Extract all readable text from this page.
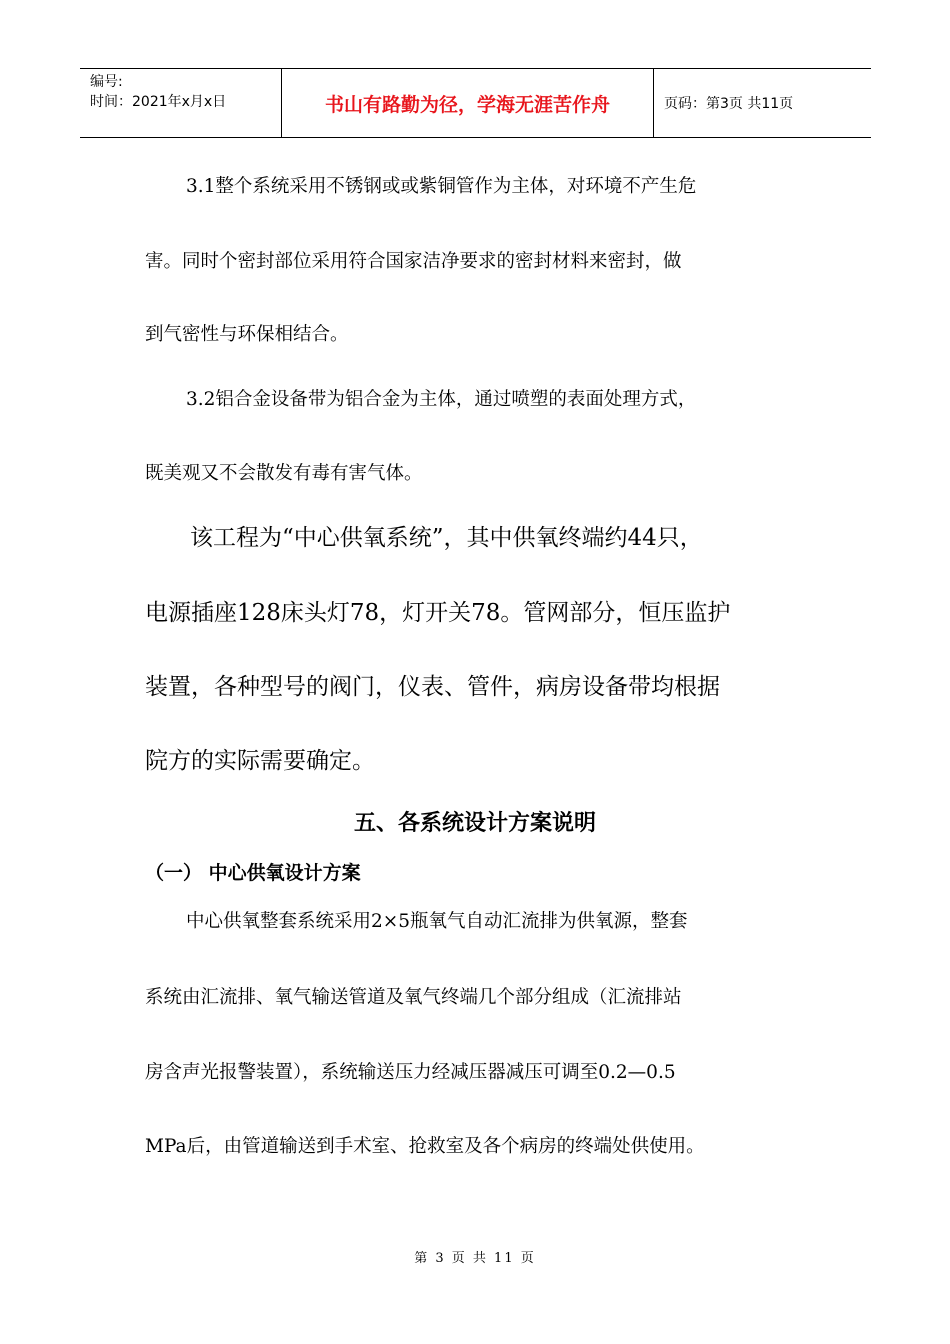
编号:
时间：2021年x月x日	书山有路勤为径，学海无涯苦作舟	页码：第3页 共11页
3.1整个系统采用不锈钢或或紫铜管作为主体，对环境不产生危
害。同时个密封部位采用符合国家洁净要求的密封材料来密封，做
到气密性与环保相结合。
3.2铝合金设备带为铝合金为主体，通过喷塑的表面处理方式，
既美观又不会散发有毒有害气体。
该工程为“中心供氧系统”，其中供氧终端约44只，
电源插座128床头灯78，灯开关78。管网部分，恒压监护
装置，各种型号的阀门，仪表、管件，病房设备带均根据
院方的实际需要确定。
五、各系统设计方案说明
（一） 中心供氧设计方案
中心供氧整套系统采用2×5瓶氧气自动汇流排为供氧源，整套
系统由汇流排、氧气输送管道及氧气终端几个部分组成（汇流排站
房含声光报警装置），系统输送压力经减压器减压可调至0.2—0.5
MPa后，由管道输送到手术室、抢救室及各个病房的终端处供使用。
第 3 页 共 11 页
